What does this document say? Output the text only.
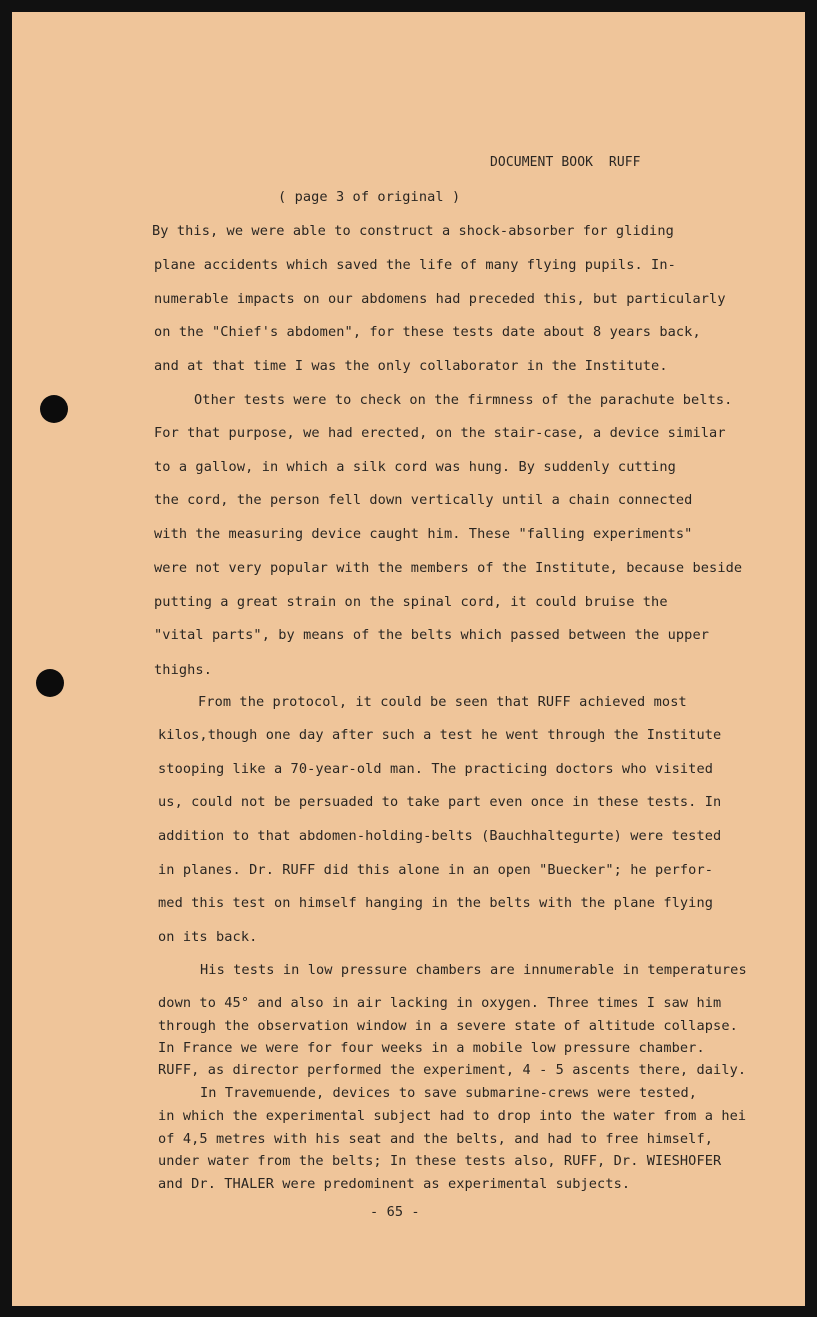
DOCUMENT BOOK  RUFF
( page 3 of original )
By this, we were able to construct a shock-absorber for gliding
plane accidents which saved the life of many flying pupils. In-
numerable impacts on our abdomens had preceded this, but particularly
on the "Chief's abdomen", for these tests date about 8 years back,
and at that time I was the only collaborator in the Institute.
Other tests were to check on the firmness of the parachute belts.
For that purpose, we had erected, on the stair-case, a device similar
to a gallow, in which a silk cord was hung. By suddenly cutting
the cord, the person fell down vertically until a chain connected
with the measuring device caught him. These "falling experiments"
were not very popular with the members of the Institute, because beside
putting a great strain on the spinal cord, it could bruise the
"vital parts", by means of the belts which passed between the upper
thighs.
From the protocol, it could be seen that RUFF achieved most
kilos,though one day after such a test he went through the Institute
stooping like a 70-year-old man. The practicing doctors who visited
us, could not be persuaded to take part even once in these tests. In
addition to that abdomen-holding-belts (Bauchhaltegurte) were tested
in planes. Dr. RUFF did this alone in an open "Buecker"; he perfor-
med this test on himself hanging in the belts with the plane flying
on its back.
His tests in low pressure chambers are innumerable in temperatures
down to 45° and also in air lacking in oxygen. Three times I saw him
through the observation window in a severe state of altitude collapse.
In France we were for four weeks in a mobile low pressure chamber.
RUFF, as director performed the experiment, 4 - 5 ascents there, daily.
In Travemuende, devices to save submarine-crews were tested,
in which the experimental subject had to drop into the water from a hei
of 4,5 metres with his seat and the belts, and had to free himself,
under water from the belts; In these tests also, RUFF, Dr. WIESHOFER
and Dr. THALER were predominent as experimental subjects.
- 65 -
